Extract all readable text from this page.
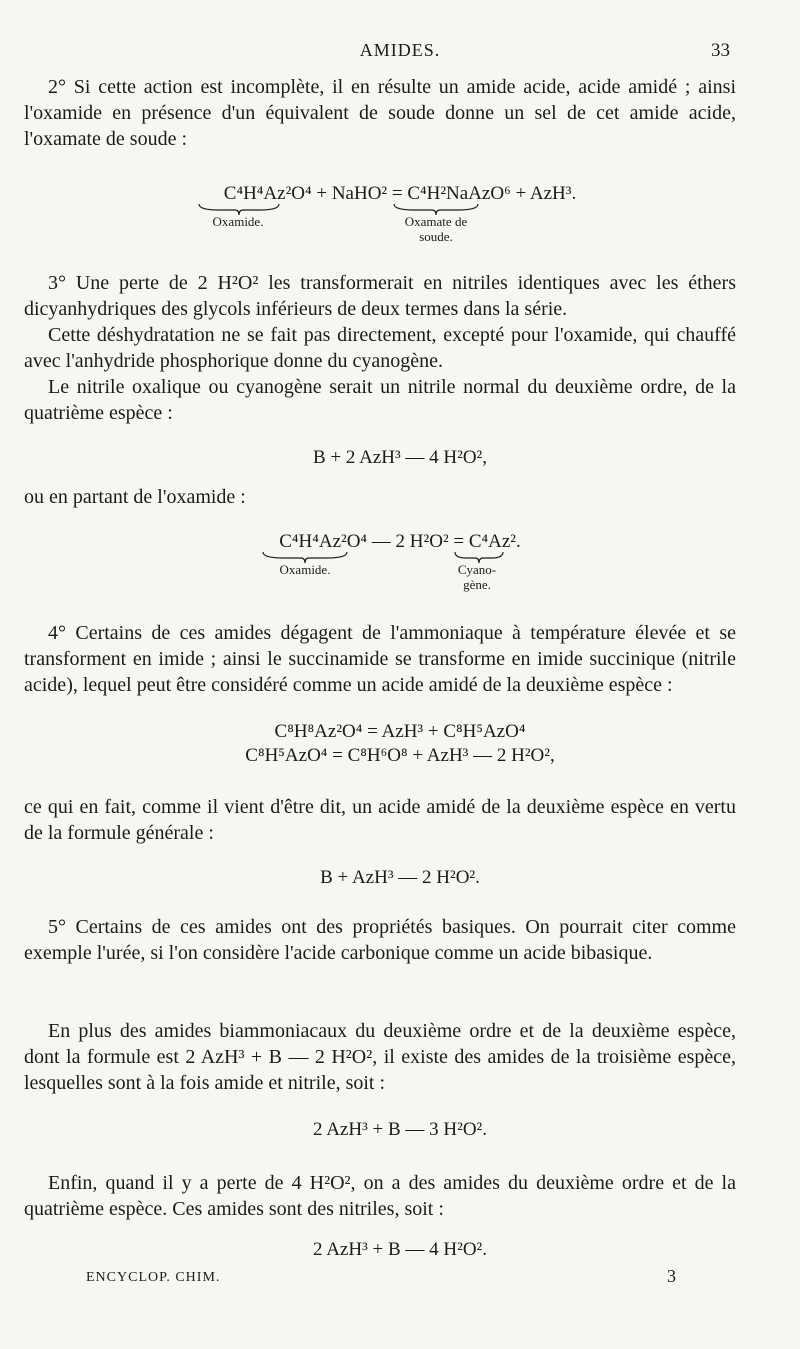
AMIDES.	33

2° Si cette action est incomplète, il en résulte un amide acide, acide amidé ; ainsi l'oxamide en présence d'un équivalent de soude donne un sel de cet amide acide, l'oxamate de soude :

C⁴H⁴Az²O⁴ + NaHO² = C⁴H²NaAzO⁶ + AzH³.
Oxamide.	Oxamate de soude.

3° Une perte de 2 H²O² les transformerait en nitriles identiques avec les éthers dicyanhydriques des glycols inférieurs de deux termes dans la série.

Cette déshydratation ne se fait pas directement, excepté pour l'oxamide, qui chauffé avec l'anhydride phosphorique donne du cyanogène.

Le nitrile oxalique ou cyanogène serait un nitrile normal du deuxième ordre, de la quatrième espèce :

B + 2 AzH³ — 4 H²O²,

ou en partant de l'oxamide :

C⁴H⁴Az²O⁴ — 2 H²O² = C⁴Az².
Oxamide.	Cyano- gène.

4° Certains de ces amides dégagent de l'ammoniaque à température élevée et se transforment en imide ; ainsi le succinamide se transforme en imide succinique (nitrile acide), lequel peut être considéré comme un acide amidé de la deuxième espèce :

C⁸H⁸Az²O⁴ = AzH³ + C⁸H⁵AzO⁴
C⁸H⁵AzO⁴ = C⁸H⁶O⁸ + AzH³ — 2 H²O²,

ce qui en fait, comme il vient d'être dit, un acide amidé de la deuxième espèce en vertu de la formule générale :

B + AzH³ — 2 H²O².

5° Certains de ces amides ont des propriétés basiques. On pourrait citer comme exemple l'urée, si l'on considère l'acide carbonique comme un acide bibasique.

En plus des amides biammoniacaux du deuxième ordre et de la deuxième espèce, dont la formule est 2 AzH³ + B — 2 H²O², il existe des amides de la troisième espèce, lesquelles sont à la fois amide et nitrile, soit :

2 AzH³ + B — 3 H²O².

Enfin, quand il y a perte de 4 H²O², on a des amides du deuxième ordre et de la quatrième espèce. Ces amides sont des nitriles, soit :

2 AzH³ + B — 4 H²O².
ENCYCLOP. CHIM.	3
